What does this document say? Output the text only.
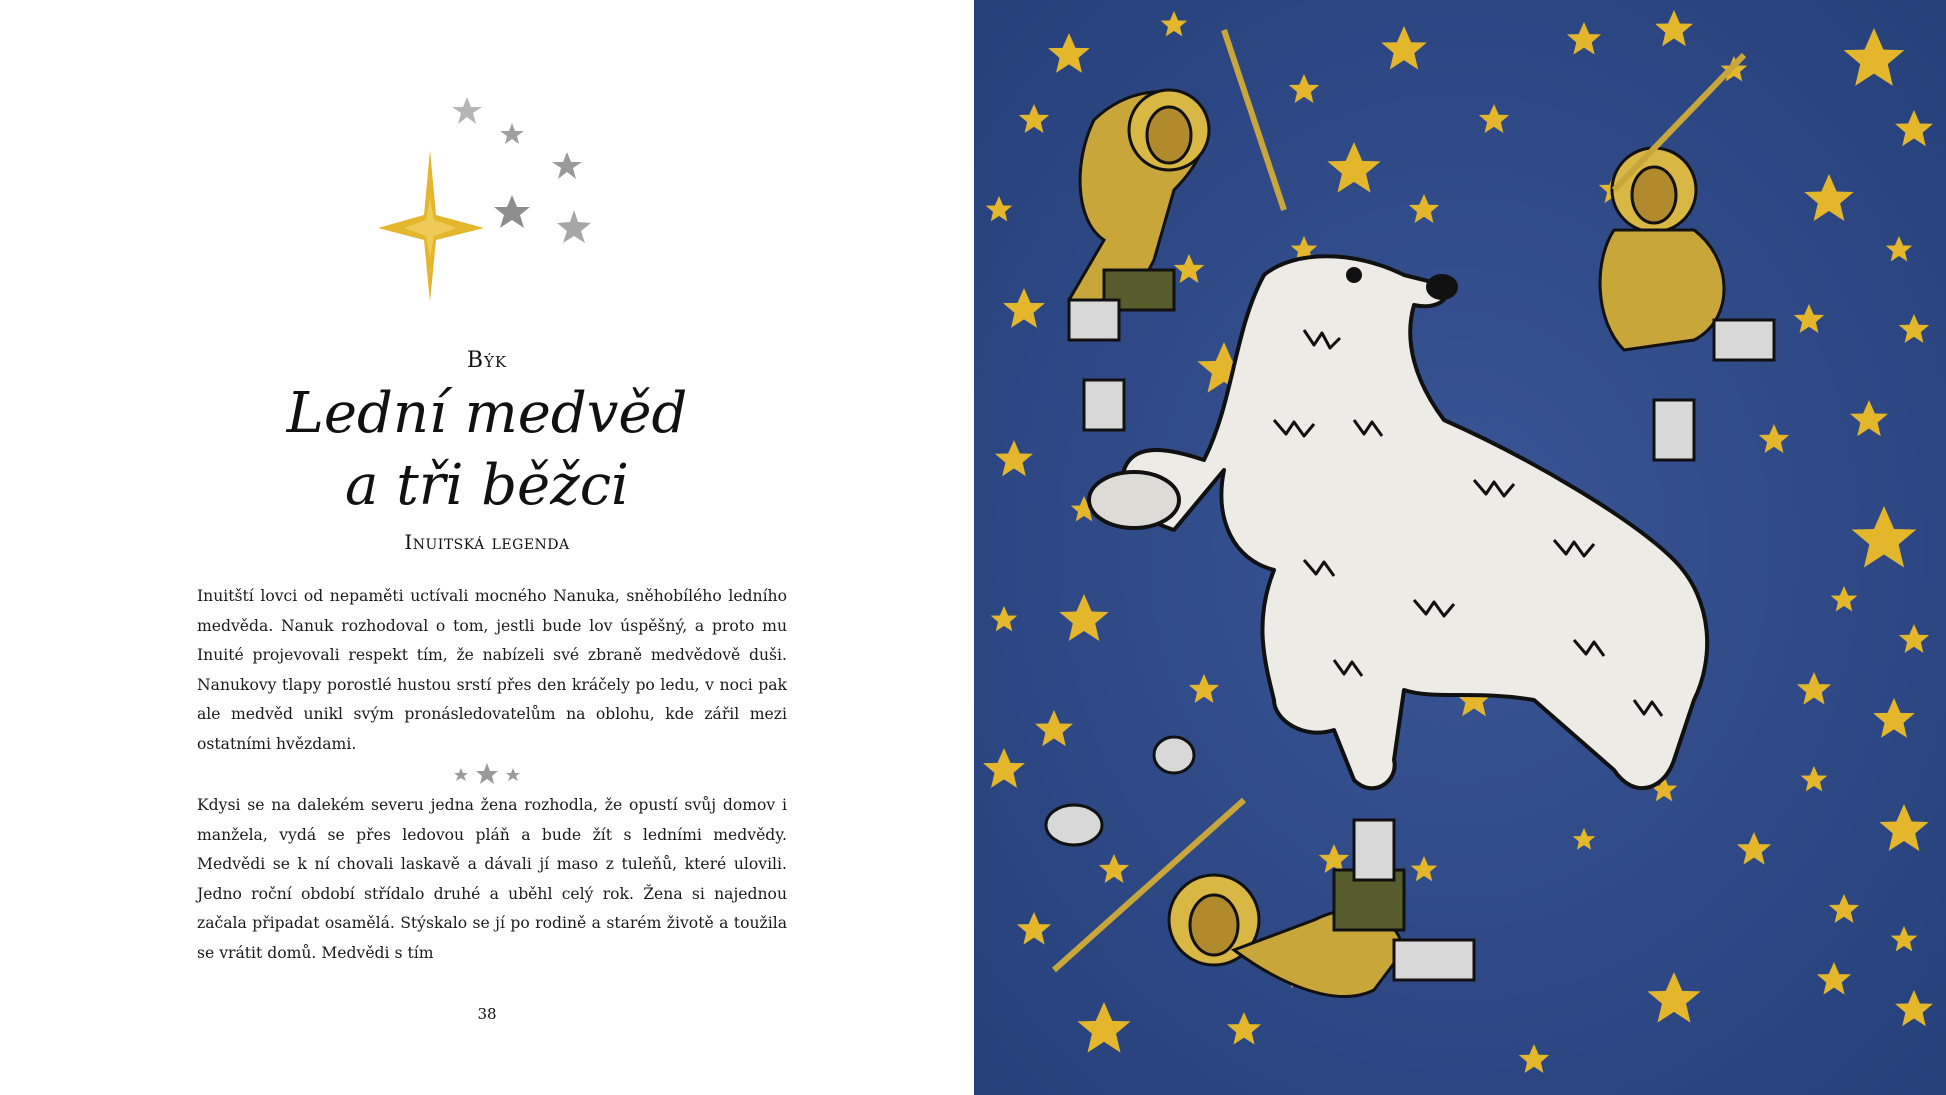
Býk
Lední medvěd
a tři běžci
Inuitská legenda
Inuitští lovci od nepaměti uctívali mocného Nanuka, sněhobílého ledního medvěda. Nanuk rozhodoval o tom, jestli bude lov úspěšný, a proto mu Inuité projevovali respekt tím, že nabízeli své zbraně medvědově duši. Nanukovy tlapy porostlé hustou srstí přes den kráčely po ledu, v noci pak ale medvěd unikl svým pronásledovatelům na oblohu, kde zářil mezi ostatními hvězdami.
Kdysi se na dalekém severu jedna žena rozhodla, že opustí svůj domov i manžela, vydá se přes ledovou pláň a bude žít s ledními medvědy. Medvědi se k ní chovali laskavě a dávali jí maso z tuleňů, které ulovili. Jedno roční období střídalo druhé a uběhl celý rok. Žena si najednou začala připadat osamělá. Stýskalo se jí po rodině a starém životě a toužila se vrátit domů. Medvědi s tím
38
